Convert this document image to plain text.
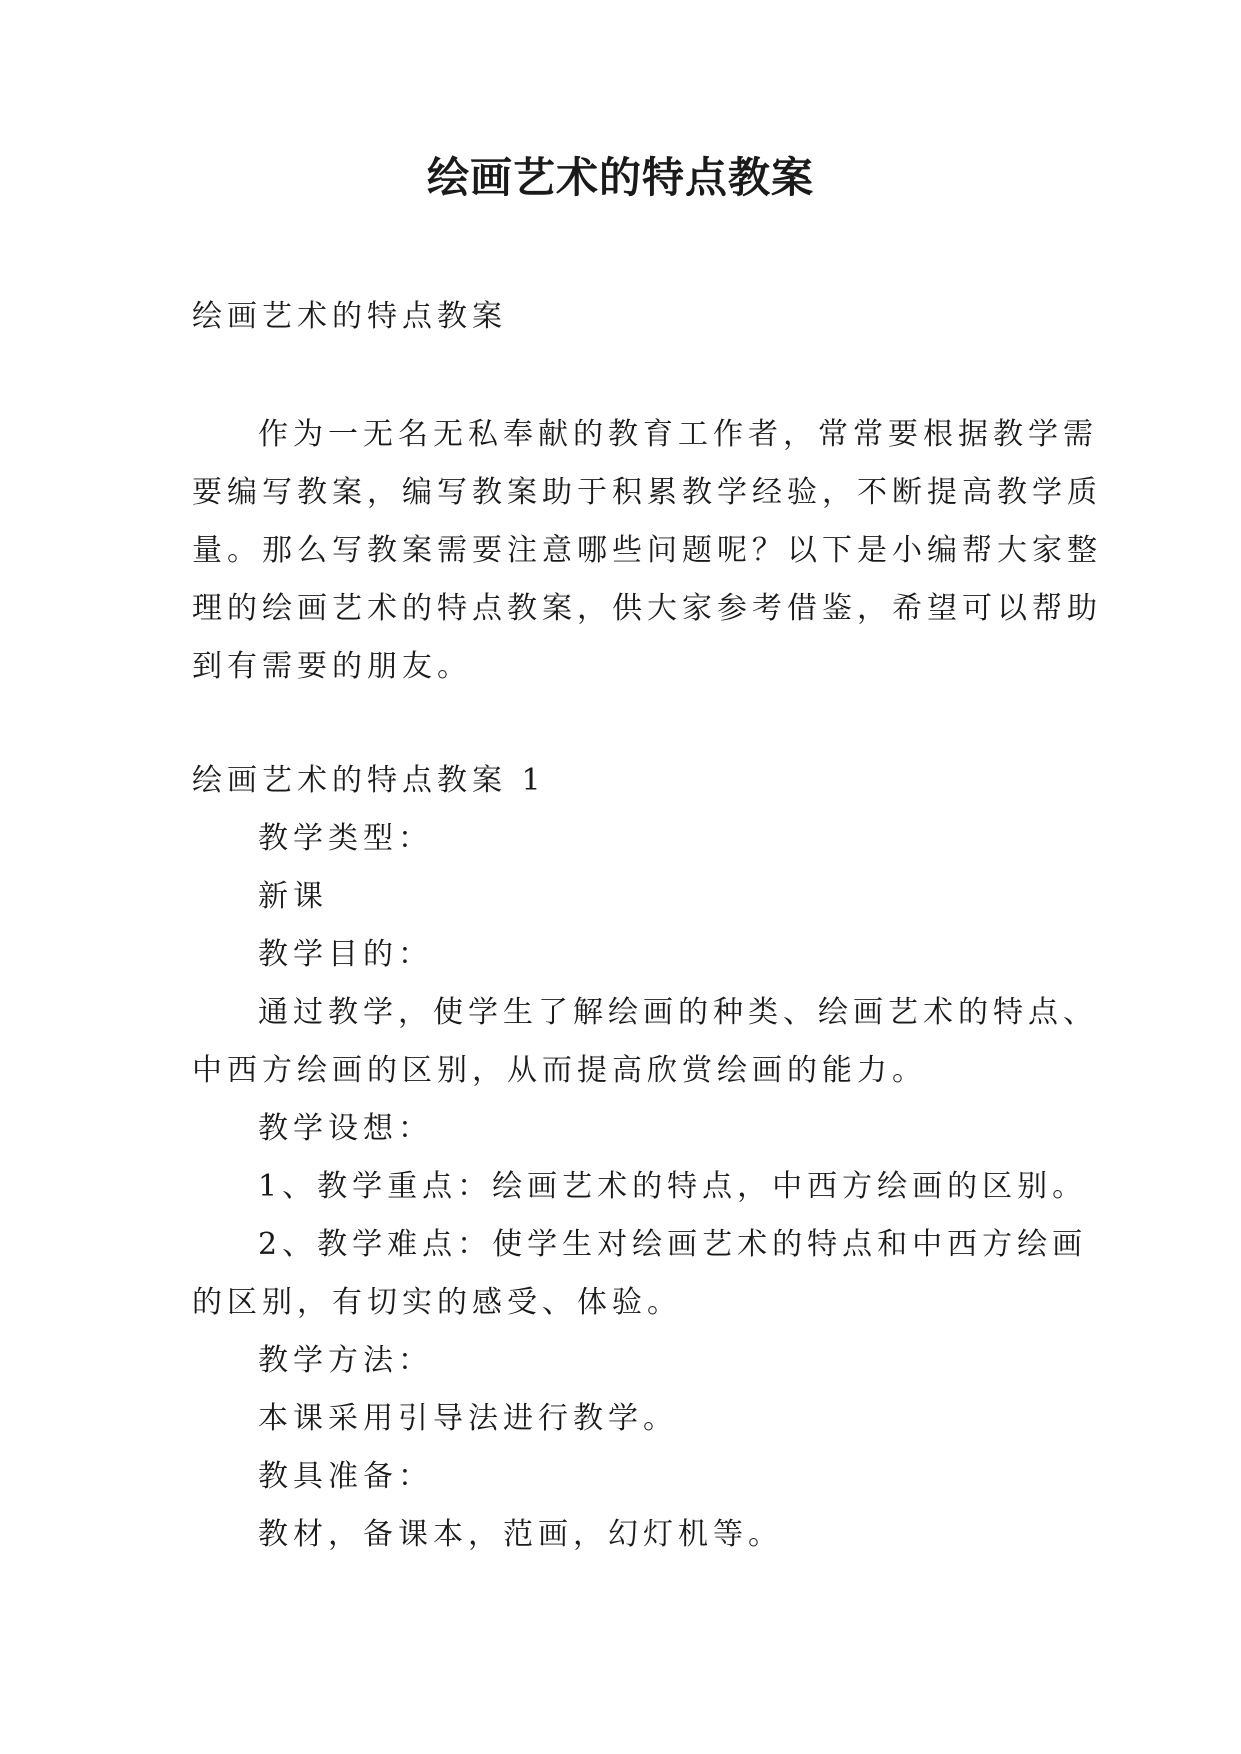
绘画艺术的特点教案

绘画艺术的特点教案

作为一无名无私奉献的教育工作者，常常要根据教学需

要编写教案，编写教案助于积累教学经验，不断提高教学质

量。那么写教案需要注意哪些问题呢？以下是小编帮大家整

理的绘画艺术的特点教案，供大家参考借鉴，希望可以帮助

到有需要的朋友。

绘画艺术的特点教案 1

教学类型：

新课

教学目的：

通过教学，使学生了解绘画的种类、绘画艺术的特点、

中西方绘画的区别，从而提高欣赏绘画的能力。

教学设想：

1、教学重点：绘画艺术的特点，中西方绘画的区别。

2、教学难点：使学生对绘画艺术的特点和中西方绘画

的区别，有切实的感受、体验。

教学方法：

本课采用引导法进行教学。

教具准备：

教材，备课本，范画，幻灯机等。
